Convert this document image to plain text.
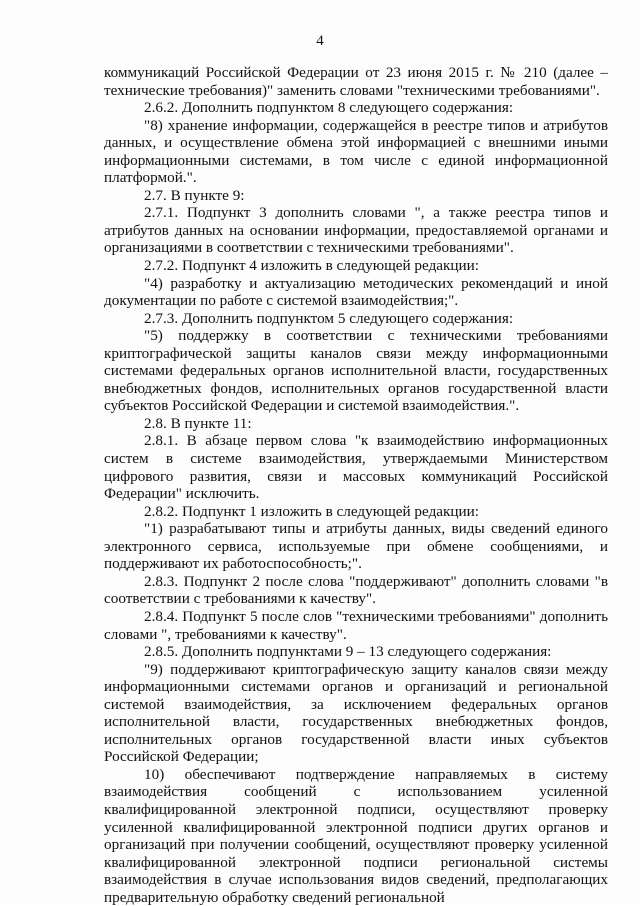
4

коммуникаций Российской Федерации от 23 июня 2015 г. № 210 (далее – технические требования)" заменить словами "техническими требованиями".

2.6.2. Дополнить подпунктом 8 следующего содержания:

"8) хранение информации, содержащейся в реестре типов и атрибутов данных, и осуществление обмена этой информацией с внешними иными информационными системами, в том числе с единой информационной платформой.".

2.7. В пункте 9:

2.7.1. Подпункт 3 дополнить словами ", а также реестра типов и атрибутов данных на основании информации, предоставляемой органами и организациями в соответствии с техническими требованиями".

2.7.2. Подпункт 4 изложить в следующей редакции:

"4) разработку и актуализацию методических рекомендаций и иной документации по работе с системой взаимодействия;".

2.7.3. Дополнить подпунктом 5 следующего содержания:

"5) поддержку в соответствии с техническими требованиями криптографической защиты каналов связи между информационными системами федеральных органов исполнительной власти, государственных внебюджетных фондов, исполнительных органов государственной власти субъектов Российской Федерации и системой взаимодействия.".

2.8. В пункте 11:

2.8.1. В абзаце первом слова "к взаимодействию информационных систем в системе взаимодействия, утверждаемыми Министерством цифрового развития, связи и массовых коммуникаций Российской Федерации" исключить.

2.8.2. Подпункт 1 изложить в следующей редакции:

"1) разрабатывают типы и атрибуты данных, виды сведений единого электронного сервиса, используемые при обмене сообщениями, и поддерживают их работоспособность;".

2.8.3. Подпункт 2 после слова "поддерживают" дополнить словами "в соответствии с требованиями к качеству".

2.8.4. Подпункт 5 после слов "техническими требованиями" дополнить словами ", требованиями к качеству".

2.8.5. Дополнить подпунктами 9 – 13 следующего содержания:

"9) поддерживают криптографическую защиту каналов связи между информационными системами органов и организаций и региональной системой взаимодействия, за исключением федеральных органов исполнительной власти, государственных внебюджетных фондов, исполнительных органов государственной власти иных субъектов Российской Федерации;

10) обеспечивают подтверждение направляемых в систему взаимодействия сообщений с использованием усиленной квалифицированной электронной подписи, осуществляют проверку усиленной квалифицированной электронной подписи других органов и организаций при получении сообщений, осуществляют проверку усиленной квалифицированной электронной подписи региональной системы взаимодействия в случае использования видов сведений, предполагающих предварительную обработку сведений региональной
